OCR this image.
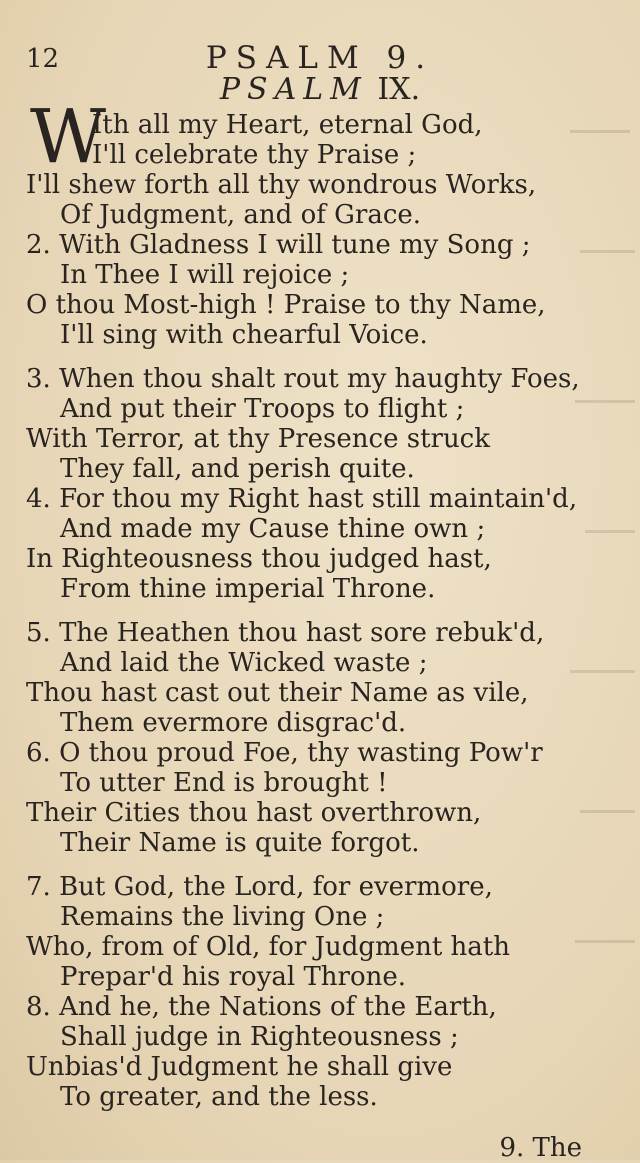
12	PSALM 9.
PSALM IX.
W
Ith all my Heart, eternal God,
I'll celebrate thy Praise ;
I'll shew forth all thy wondrous Works,
Of Judgment, and of Grace.
2. With Gladness I will tune my Song ;
In Thee I will rejoice ;
O thou Most-high ! Praise to thy Name,
I'll sing with chearful Voice.
3. When thou shalt rout my haughty Foes,
And put their Troops to flight ;
With Terror, at thy Presence struck
They fall, and perish quite.
4. For thou my Right hast still maintain'd,
And made my Cause thine own ;
In Righteousness thou judged hast,
From thine imperial Throne.
5. The Heathen thou hast sore rebuk'd,
And laid the Wicked waste ;
Thou hast cast out their Name as vile,
Them evermore disgrac'd.
6. O thou proud Foe, thy wasting Pow'r
To utter End is brought !
Their Cities thou hast overthrown,
Their Name is quite forgot.
7. But God, the Lord, for evermore,
Remains the living One ;
Who, from of Old, for Judgment hath
Prepar'd his royal Throne.
8. And he, the Nations of the Earth,
Shall judge in Righteousness ;
Unbias'd Judgment he shall give
To greater, and the less.
9. The
